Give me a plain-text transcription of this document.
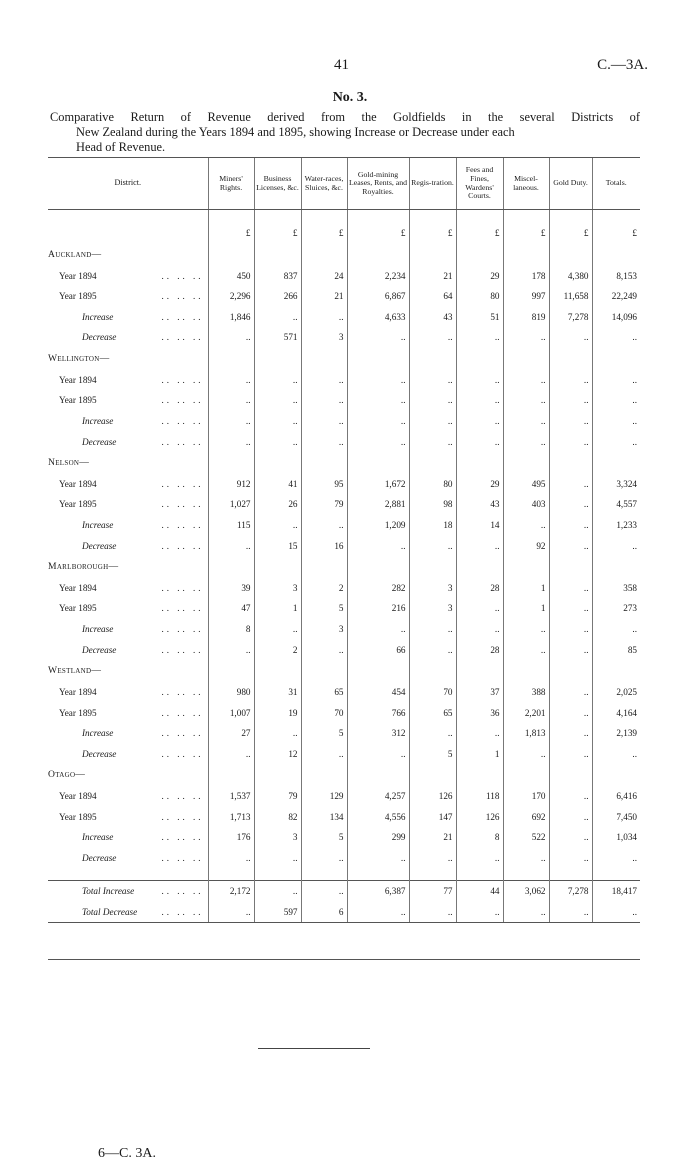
41	C.—3A.
No. 3.
Comparative Return of Revenue derived from the Goldfields in the several Districts of
New Zealand during the Years 1894 and 1895, showing Increase or Decrease under each
Head of Revenue.
District.	Miners' Rights.	Business Licenses, &c.	Water-races, Sluices, &c.	Gold-mining Leases, Rents, and Royalties.	Regis-tration.	Fees and Fines, Wardens' Courts.	Miscel-laneous.	Gold Duty.	Totals.

	£	£	£	£	£	£	£	£	£
Auckland—									
Year 1894 .. .. ..	450	837	24	2,234	21	29	178	4,380	8,153
Year 1895 .. .. ..	2,296	266	21	6,867	64	80	997	11,658	22,249
Increase .. .. ..	1,846	..	..	4,633	43	51	819	7,278	14,096
Decrease .. .. ..	..	571	3	..	..	..	..	..	..
Wellington—									
Year 1894 .. .. ..	..	..	..	..	..	..	..	..	..
Year 1895 .. .. ..	..	..	..	..	..	..	..	..	..
Increase .. .. ..	..	..	..	..	..	..	..	..	..
Decrease .. .. ..	..	..	..	..	..	..	..	..	..
Nelson—									
Year 1894 .. .. ..	912	41	95	1,672	80	29	495	..	3,324
Year 1895 .. .. ..	1,027	26	79	2,881	98	43	403	..	4,557
Increase .. .. ..	115	..	..	1,209	18	14	..	..	1,233
Decrease .. .. ..	..	15	16	..	..	..	92	..	..
Marlborough—									
Year 1894 .. .. ..	39	3	2	282	3	28	1	..	358
Year 1895 .. .. ..	47	1	5	216	3	..	1	..	273
Increase .. .. ..	8	..	3	..	..	..	..	..	..
Decrease .. .. ..	..	2	..	66	..	28	..	..	85
Westland—									
Year 1894 .. .. ..	980	31	65	454	70	37	388	..	2,025
Year 1895 .. .. ..	1,007	19	70	766	65	36	2,201	..	4,164
Increase .. .. ..	27	..	5	312	..	..	1,813	..	2,139
Decrease .. .. ..	..	12	..	..	5	1	..	..	..
Otago—									
Year 1894 .. .. ..	1,537	79	129	4,257	126	118	170	..	6,416
Year 1895 .. .. ..	1,713	82	134	4,556	147	126	692	..	7,450
Increase .. .. ..	176	3	5	299	21	8	522	..	1,034
Decrease .. .. ..	..	..	..	..	..	..	..	..	..

Total Increase .. .. ..	2,172	..	..	6,387	77	44	3,062	7,278	18,417
Total Decrease .. .. ..	..	597	6	..	..	..	..	..	..
6—C. 3A.
